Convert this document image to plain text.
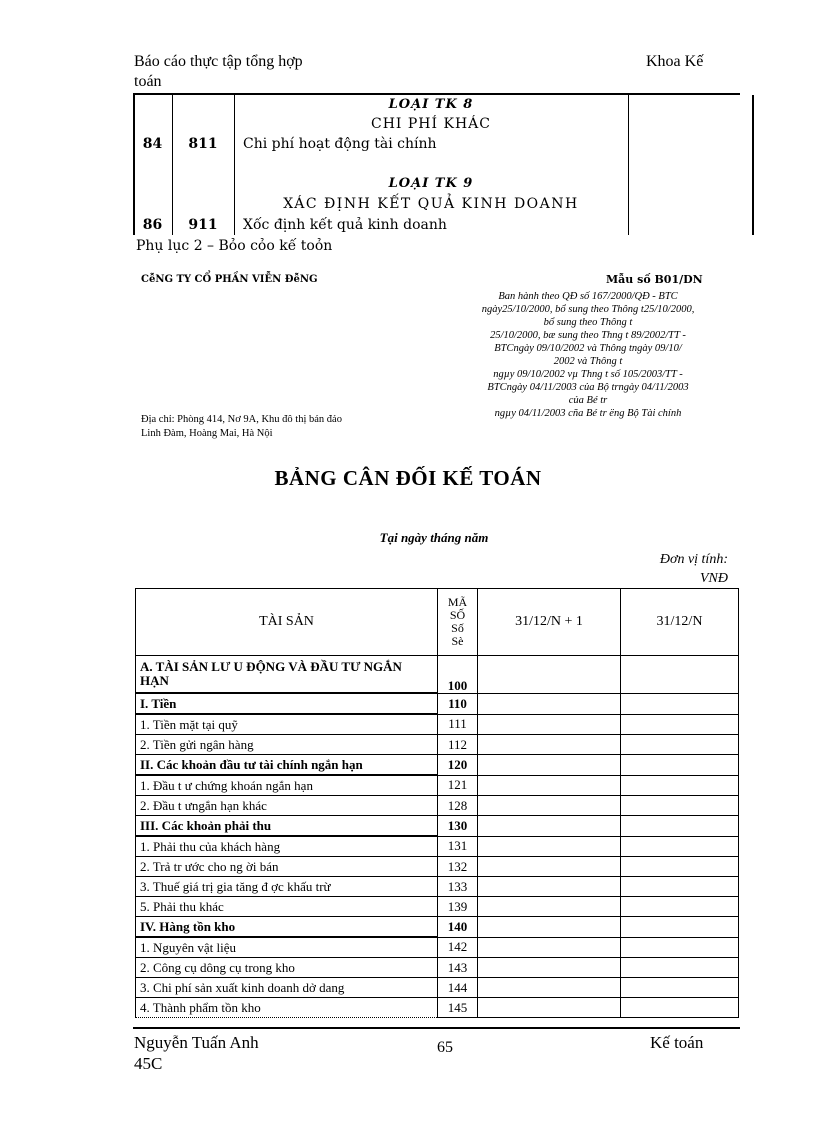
Báo cáo thực tập tổng hợp
toán
Khoa Kế
LOẠI TK 8
CHI PHÍ KHÁC
84	811	Chi phí hoạt động tài chính
LOẠI TK 9
XÁC ĐỊNH KẾT QUẢ KINH DOANH
86	911	Xốc định kết quả kinh doanh
Phụ lục 2 – Bỏo cỏo kế toỏn
CễNG TY CỔ PHẦN VIỄN ĐễNG
Địa chỉ: Phòng 414, Nơ 9A, Khu đô thị bán đảo
Linh Đàm, Hoàng Mai, Hà Nội
Mẫu số B01/DN
Ban hành theo QĐ số 167/2000/QĐ - BTC
ngày25/10/2000, bổ sung theo Thông t25/10/2000,
bổ sung theo Thông t
25/10/2000, bæ sung theo Thng t 89/2002/TT -
BTCngày 09/10/2002 và Thông tngày 09/10/
2002 và Thông t
ngµy 09/10/2002 vµ Thng t số 105/2003/TT -
BTCngày 04/11/2003 của Bộ trngày 04/11/2003
của Bé tr
ngµy 04/11/2003 cña Bé tr ëng Bộ Tài chính
BẢNG CÂN ĐỐI KẾ TOÁN
Tại ngày tháng năm
Đơn vị tính:
VNĐ
TÀI SẢN	MÃ
SỐ
Số
Sè	31/12/N + 1	31/12/N
A. TÀI SẢN LƯ U ĐỘNG VÀ ĐẦU TƯ NGẮN HẠN	100		
I. Tiền	110		
1. Tiền mặt tại quỹ	111		
2. Tiền gửi ngân hàng	112		
II. Các khoản đầu tư tài chính ngắn hạn	120		
1. Đầu t ư chứng khoán ngắn hạn	121		
2. Đầu t ưngắn hạn khác	128		
III. Các khoản phải thu	130		
1. Phải thu của khách hàng	131		
2. Trả tr ước cho ng ời bán	132		
3. Thuế giá trị gia tăng đ ợc khấu trừ	133		
5. Phải thu khác	139		
IV. Hàng tồn kho	140		
1. Nguyên vật liệu	142		
2. Công cụ dông cụ trong kho	143		
3. Chi phí sản xuất kinh doanh dở dang	144		
4. Thành phẩm tồn kho	145		
Nguyễn Tuấn Anh
45C
65	Kế toán
